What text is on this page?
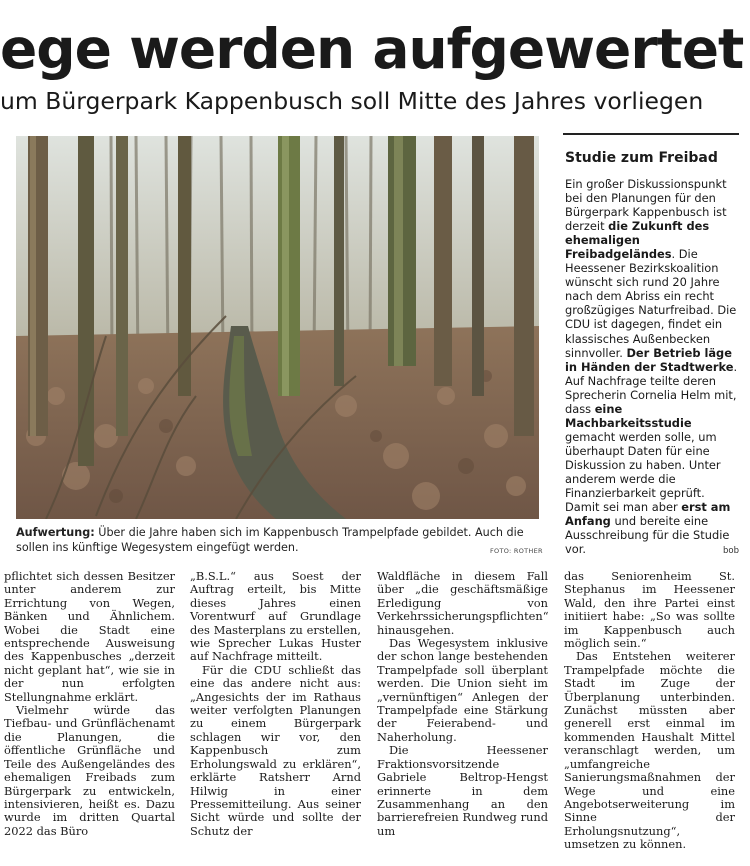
ege werden aufgewertet
um Bürgerpark Kappenbusch soll Mitte des Jahres vorliegen
Aufwertung: Über die Jahre haben sich im Kappenbusch Trampelpfade gebildet. Auch die sollen ins künftige Wegesystem eingefügt werden.	FOTO: ROTHER
Studie zum Freibad
Ein großer Diskussionspunkt bei den Planungen für den Bürgerpark Kappenbusch ist derzeit die Zukunft des ehemaligen Freibadgeländes. Die Heessener Bezirkskoalition wünscht sich rund 20 Jahre nach dem Abriss ein recht großzügiges Naturfreibad. Die CDU ist dagegen, findet ein klassisches Außenbecken sinnvoller. Der Betrieb läge in Händen der Stadtwerke. Auf Nachfrage teilte deren Sprecherin Cornelia Helm mit, dass eine Machbarkeitsstudie gemacht werden solle, um überhaupt Daten für eine Diskussion zu haben. Unter anderem werde die Finanzierbarkeit geprüft. Damit sei man aber erst am Anfang und bereite eine Ausschreibung für die Studie vor.	bob

pflichtet sich dessen Besitzer unter anderem zur Errichtung von Wegen, Bänken und Ähnlichem. Wobei die Stadt eine entsprechende Ausweisung des Kappenbusches „derzeit nicht geplant hat“, wie sie in der nun erfolgten Stellungnahme erklärt.

Vielmehr würde das Tiefbau- und Grünflächenamt die Planungen, die öffentliche Grünfläche und Teile des Außengeländes des ehemaligen Freibads zum Bürgerpark zu entwickeln, intensivieren, heißt es. Dazu wurde im dritten Quartal 2022 das Büro

„B.S.L.“ aus Soest der Auftrag erteilt, bis Mitte dieses Jahres einen Vorentwurf auf Grundlage des Masterplans zu erstellen, wie Sprecher Lukas Huster auf Nachfrage mitteilt.

Für die CDU schließt das eine das andere nicht aus: „Angesichts der im Rathaus weiter verfolgten Planungen zu einem Bürgerpark schlagen wir vor, den Kappenbusch zum Erholungswald zu erklären“, erklärte Ratsherr Arnd Hilwig in einer Pressemitteilung. Aus seiner Sicht würde und sollte der Schutz der

Waldfläche in diesem Fall über „die geschäftsmäßige Erledigung von Verkehrssicherungspflichten“ hinausgehen.

Das Wegesystem inklusive der schon lange bestehenden Trampelpfade soll überplant werden. Die Union sieht im „vernünftigen“ Anlegen der Trampelpfade eine Stärkung der Feierabend- und Naherholung.

Die Heessener Fraktionsvorsitzende Gabriele Beltrop-Hengst erinnerte in dem Zusammenhang an den barrierefreien Rundweg rund um

das Seniorenheim St. Stephanus im Heessener Wald, den ihre Partei einst initiiert habe: „So was sollte im Kappenbusch auch möglich sein.“

Das Entstehen weiterer Trampelpfade möchte die Stadt im Zuge der Überplanung unterbinden. Zunächst müssten aber generell erst einmal im kommenden Haushalt Mittel veranschlagt werden, um „umfangreiche Sanierungsmaßnahmen der Wege und eine Angebotserweiterung im Sinne der Erholungsnutzung“, umsetzen zu können.
